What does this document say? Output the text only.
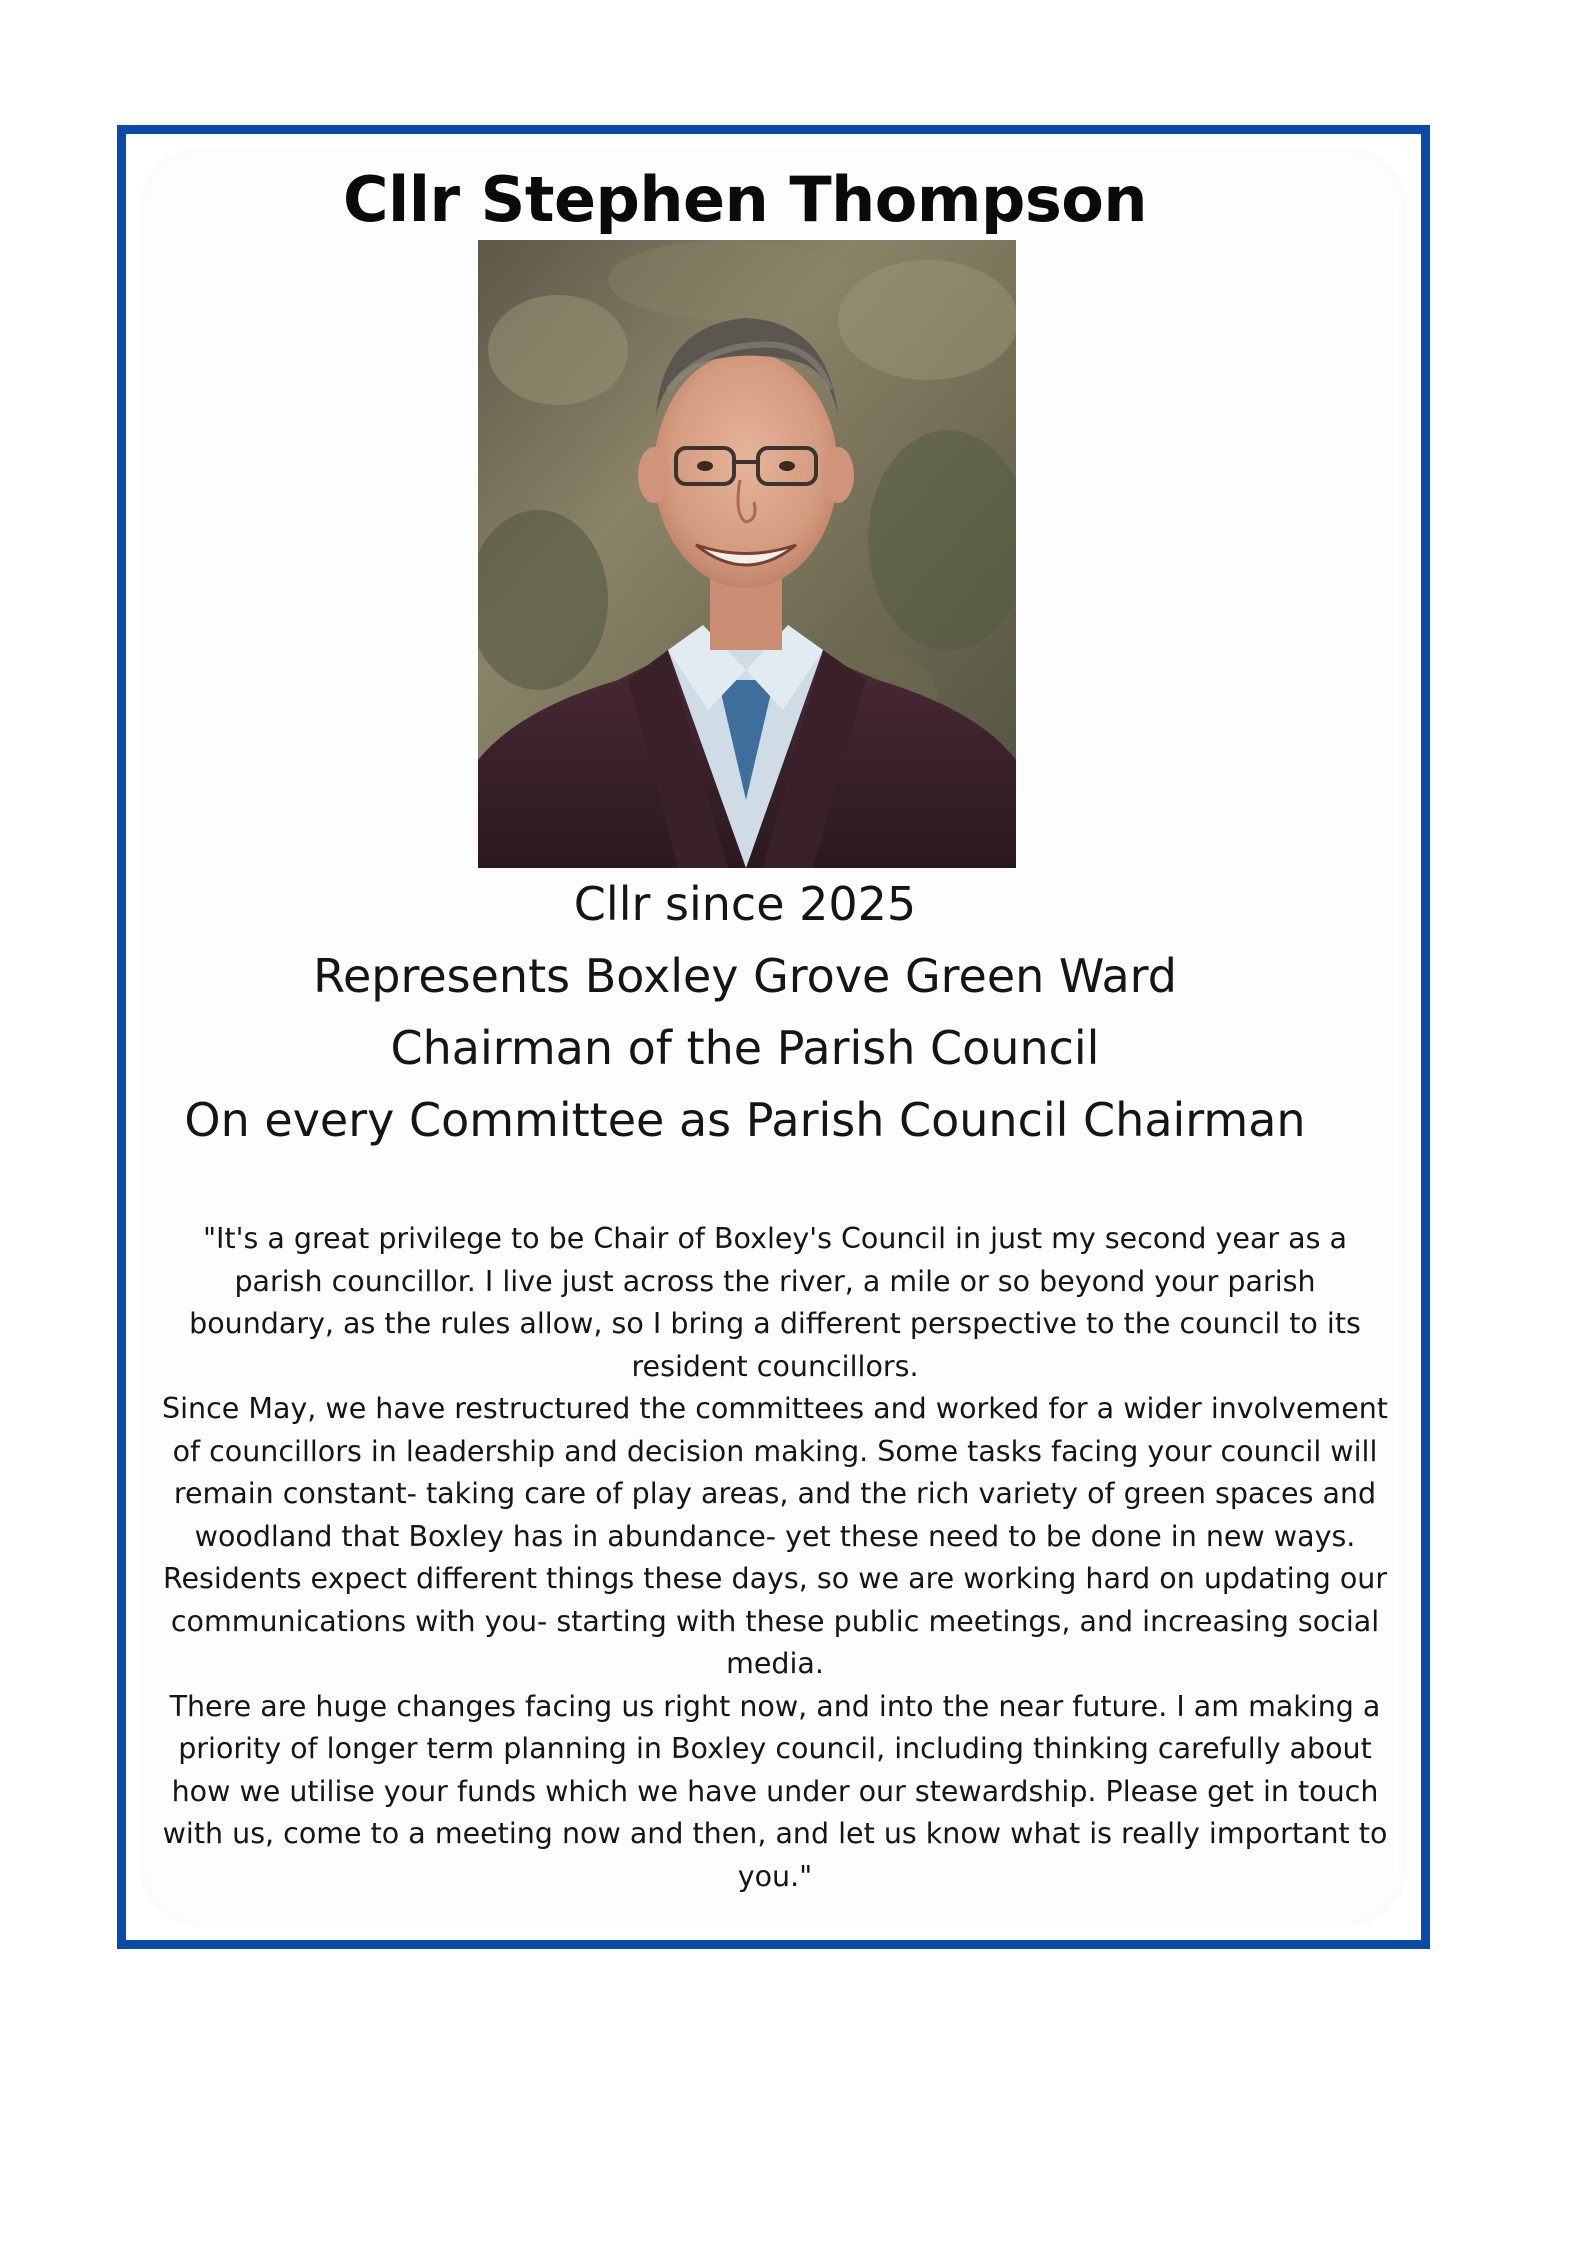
Cllr Stephen Thompson
Cllr since 2025
Represents Boxley Grove Green Ward
Chairman of the Parish Council
On every Committee as Parish Council Chairman

"It's a great privilege to be Chair of Boxley's Council in just my second year as a parish councillor. I live just across the river, a mile or so beyond your parish boundary, as the rules allow, so I bring a different perspective to the council to its resident councillors.

Since May, we have restructured the committees and worked for a wider involvement of councillors in leadership and decision making. Some tasks facing your council will remain constant- taking care of play areas, and the rich variety of green spaces and woodland that Boxley has in abundance- yet these need to be done in new ways. Residents expect different things these days, so we are working hard on updating our communications with you- starting with these public meetings, and increasing social media.

There are huge changes facing us right now, and into the near future. I am making a priority of longer term planning in Boxley council, including thinking carefully about how we utilise your funds which we have under our stewardship. Please get in touch with us, come to a meeting now and then, and let us know what is really important to you."
